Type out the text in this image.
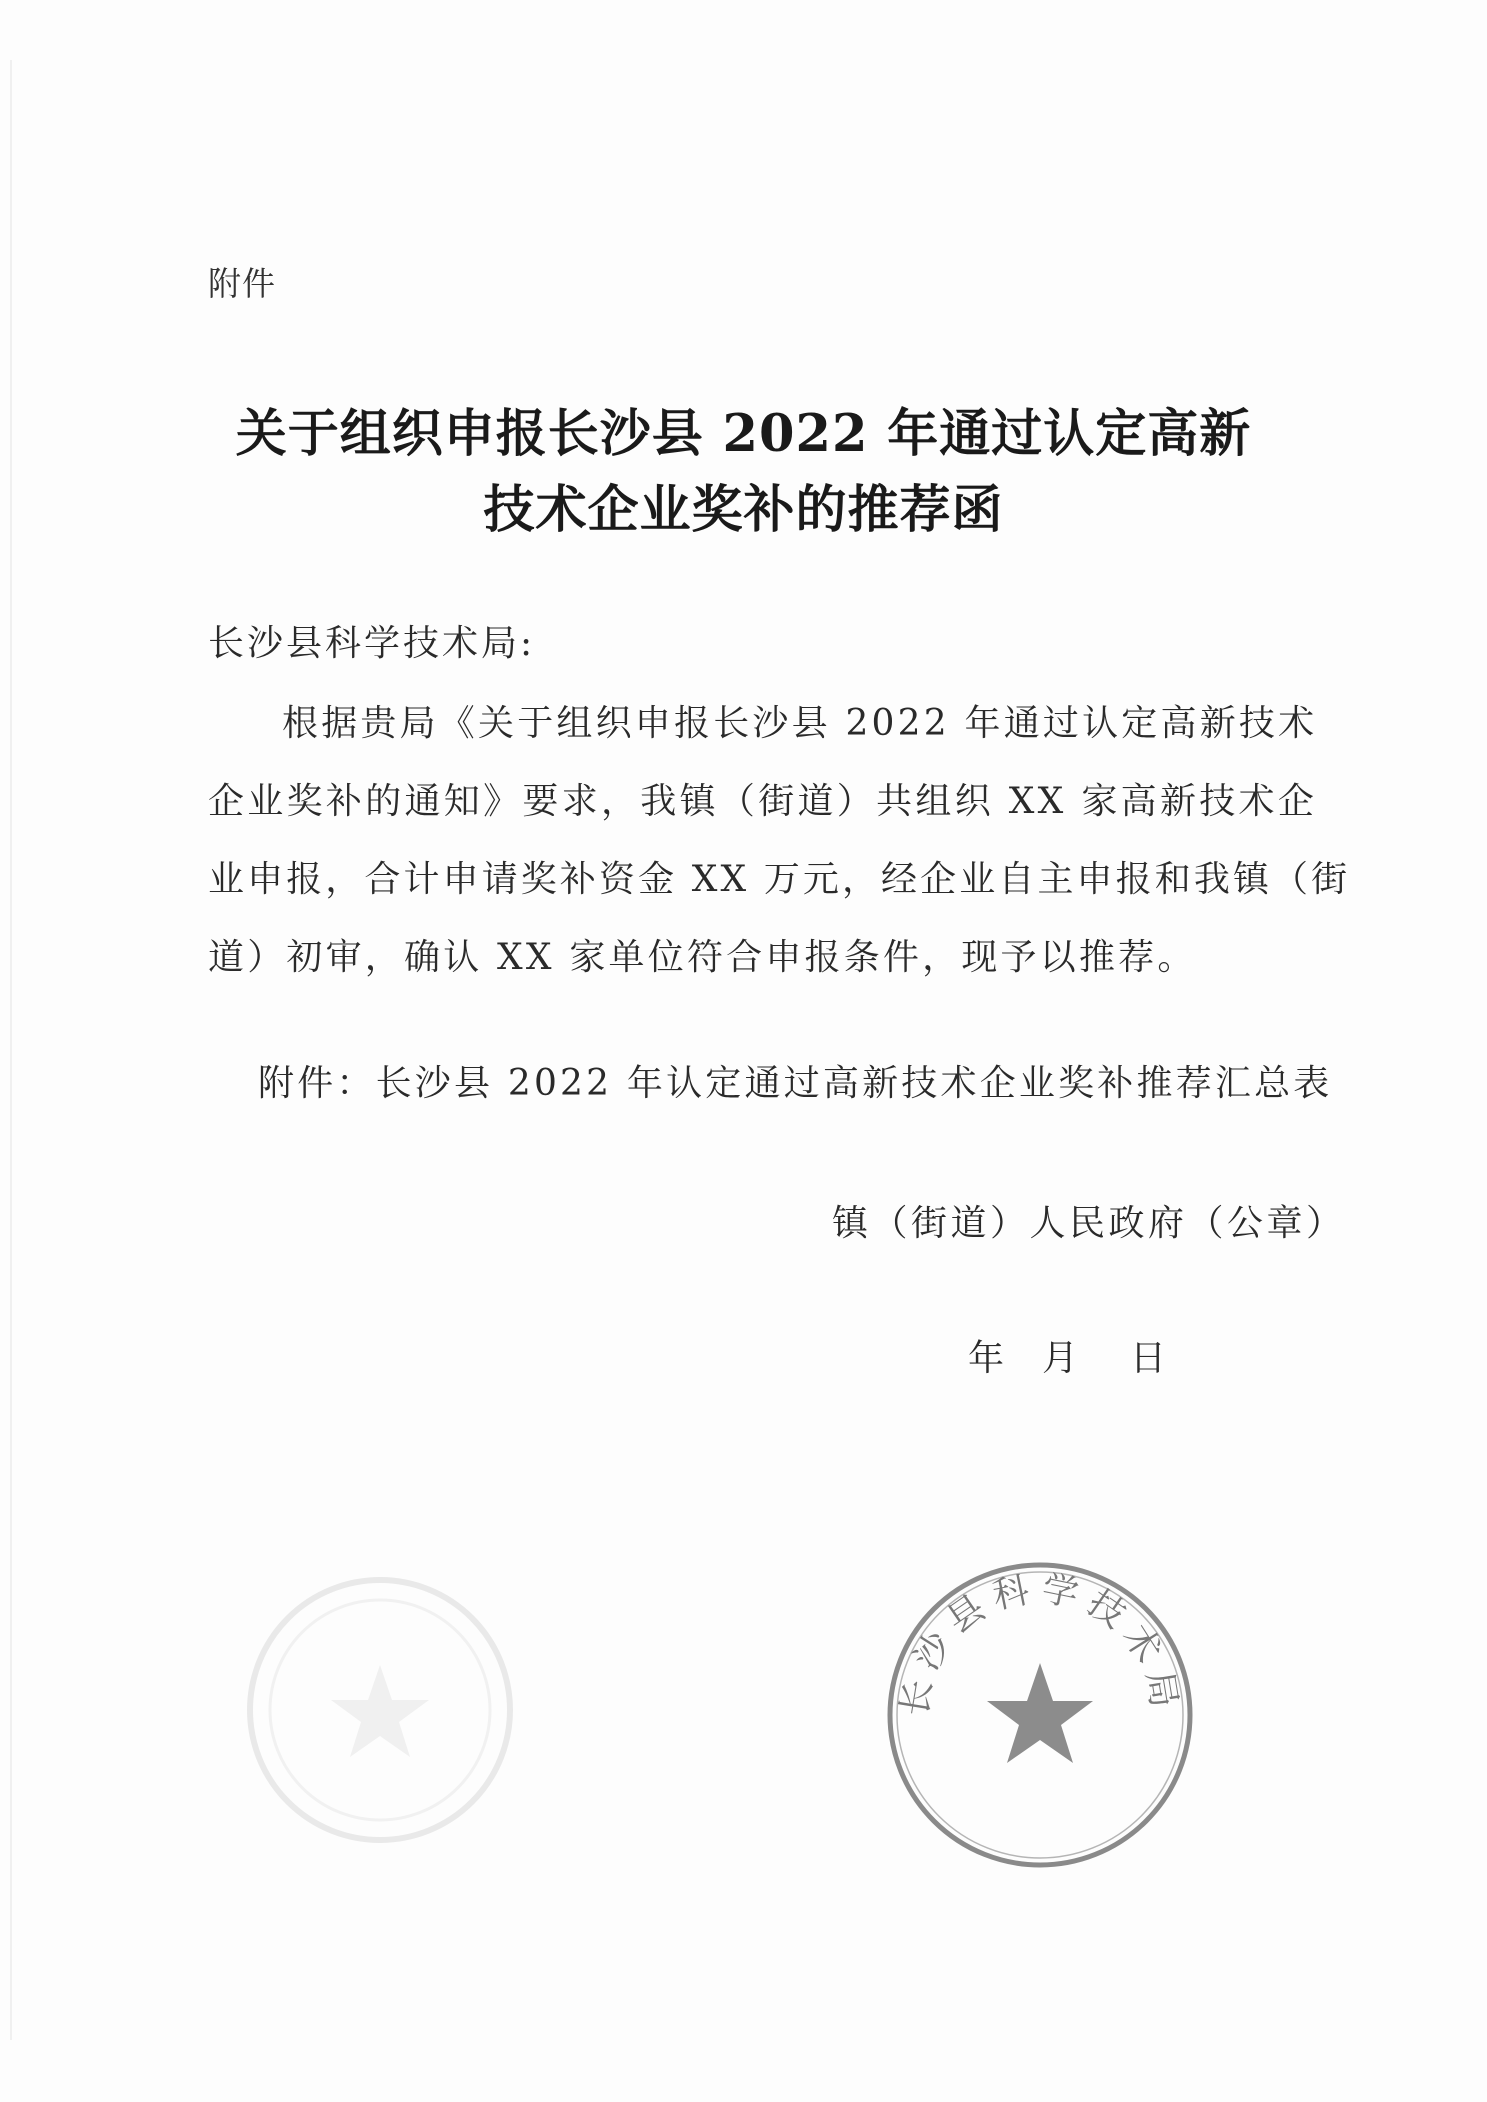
附件
关于组织申报长沙县 2022 年通过认定高新
技术企业奖补的推荐函
长沙县科学技术局:
根据贵局《关于组织申报长沙县 2022 年通过认定高新技术
企业奖补的通知》要求，我镇（街道）共组织 XX 家高新技术企
业申报，合计申请奖补资金 XX 万元，经企业自主申报和我镇（街
道）初审，确认 XX 家单位符合申报条件，现予以推荐。
附件：长沙县 2022 年认定通过高新技术企业奖补推荐汇总表
镇（街道）人民政府（公章）
年 月 日
长沙县科学技术局
